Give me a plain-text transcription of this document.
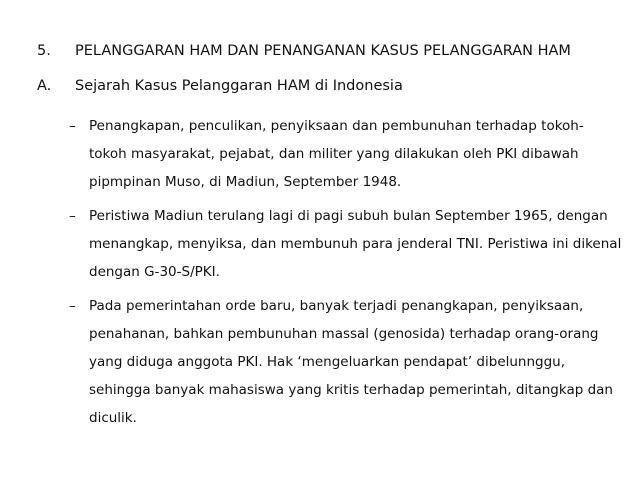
5. PELANGGARAN HAM DAN PENANGANAN KASUS PELANGGARAN HAM
A. Sejarah Kasus Pelanggaran HAM di Indonesia
– Penangkapan, penculikan, penyiksaan dan pembunuhan terhadap tokoh-
tokoh masyarakat, pejabat, dan militer yang dilakukan oleh PKI dibawah
pipmpinan Muso, di Madiun, September 1948.
– Peristiwa Madiun terulang lagi di pagi subuh bulan September 1965, dengan
menangkap, menyiksa, dan membunuh para jenderal TNI. Peristiwa ini dikenal
dengan G-30-S/PKI.
– Pada pemerintahan orde baru, banyak terjadi penangkapan, penyiksaan,
penahanan, bahkan pembunuhan massal (genosida) terhadap orang-orang
yang diduga anggota PKI. Hak ‘mengeluarkan pendapat’ dibelunnggu,
sehingga banyak mahasiswa yang kritis terhadap pemerintah, ditangkap dan
diculik.
